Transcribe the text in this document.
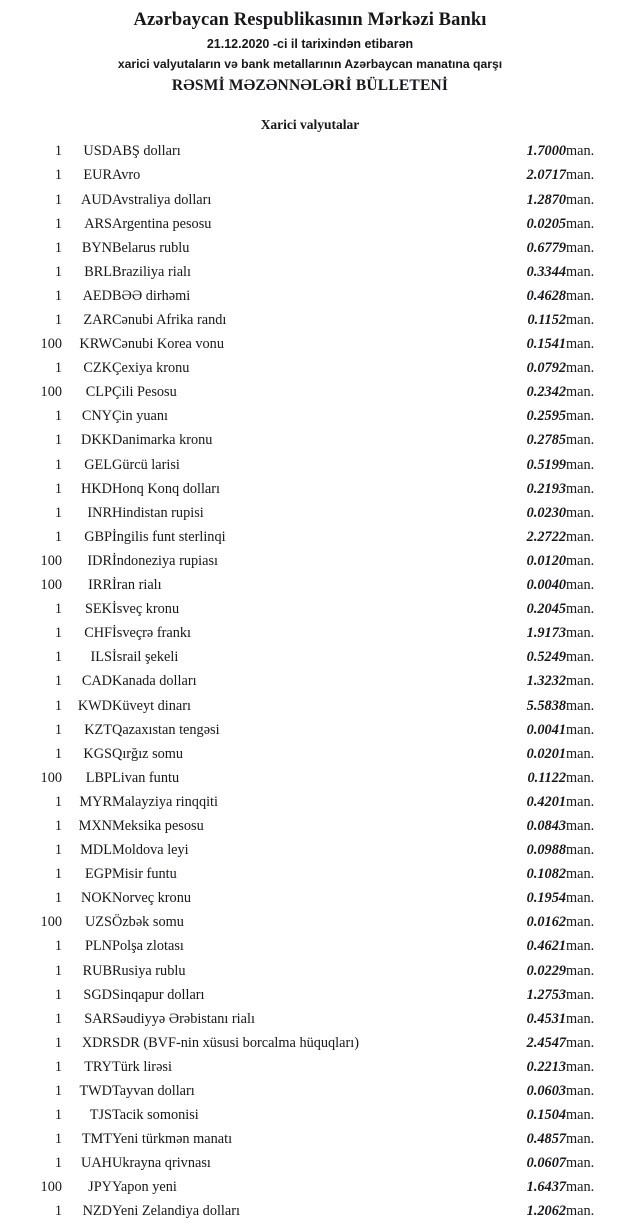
Azərbaycan Respublikasının Mərkəzi Bankı
21.12.2020 -ci il tarixindən etibarən
xarici valyutaların və bank metallarının Azərbaycan manatına qarşı
RƏSMİ MƏZƏNNƏLƏRİ BÜLLETENİ
Xarici valyutalar
1	USD	ABŞ dolları	1.7000	man.
1	EUR	Avro	2.0717	man.
1	AUD	Avstraliya dolları	1.2870	man.
1	ARS	Argentina pesosu	0.0205	man.
1	BYN	Belarus rublu	0.6779	man.
1	BRL	Braziliya rialı	0.3344	man.
1	AED	BƏƏ dirhəmi	0.4628	man.
1	ZAR	Cənubi Afrika randı	0.1152	man.
100	KRW	Cənubi Korea vonu	0.1541	man.
1	CZK	Çexiya kronu	0.0792	man.
100	CLP	Çili Pesosu	0.2342	man.
1	CNY	Çin yuanı	0.2595	man.
1	DKK	Danimarka kronu	0.2785	man.
1	GEL	Gürcü larisi	0.5199	man.
1	HKD	Honq Konq dolları	0.2193	man.
1	INR	Hindistan rupisi	0.0230	man.
1	GBP	İngilis funt sterlinqi	2.2722	man.
100	IDR	İndoneziya rupiası	0.0120	man.
100	IRR	İran rialı	0.0040	man.
1	SEK	İsveç kronu	0.2045	man.
1	CHF	İsveçrə frankı	1.9173	man.
1	ILS	İsrail şekeli	0.5249	man.
1	CAD	Kanada dolları	1.3232	man.
1	KWD	Küveyt dinarı	5.5838	man.
1	KZT	Qazaxıstan tengəsi	0.0041	man.
1	KGS	Qırğız somu	0.0201	man.
100	LBP	Livan funtu	0.1122	man.
1	MYR	Malayziya rinqqiti	0.4201	man.
1	MXN	Meksika pesosu	0.0843	man.
1	MDL	Moldova leyi	0.0988	man.
1	EGP	Misir funtu	0.1082	man.
1	NOK	Norveç kronu	0.1954	man.
100	UZS	Özbək somu	0.0162	man.
1	PLN	Polşa zlotası	0.4621	man.
1	RUB	Rusiya rublu	0.0229	man.
1	SGD	Sinqapur dolları	1.2753	man.
1	SAR	Səudiyyə Ərəbistanı rialı	0.4531	man.
1	XDR	SDR (BVF-nin xüsusi borcalma hüquqları)	2.4547	man.
1	TRY	Türk lirəsi	0.2213	man.
1	TWD	Tayvan dolları	0.0603	man.
1	TJS	Tacik somonisi	0.1504	man.
1	TMT	Yeni türkmən manatı	0.4857	man.
1	UAH	Ukrayna qrivnası	0.0607	man.
100	JPY	Yapon yeni	1.6437	man.
1	NZD	Yeni Zelandiya dolları	1.2062	man.
